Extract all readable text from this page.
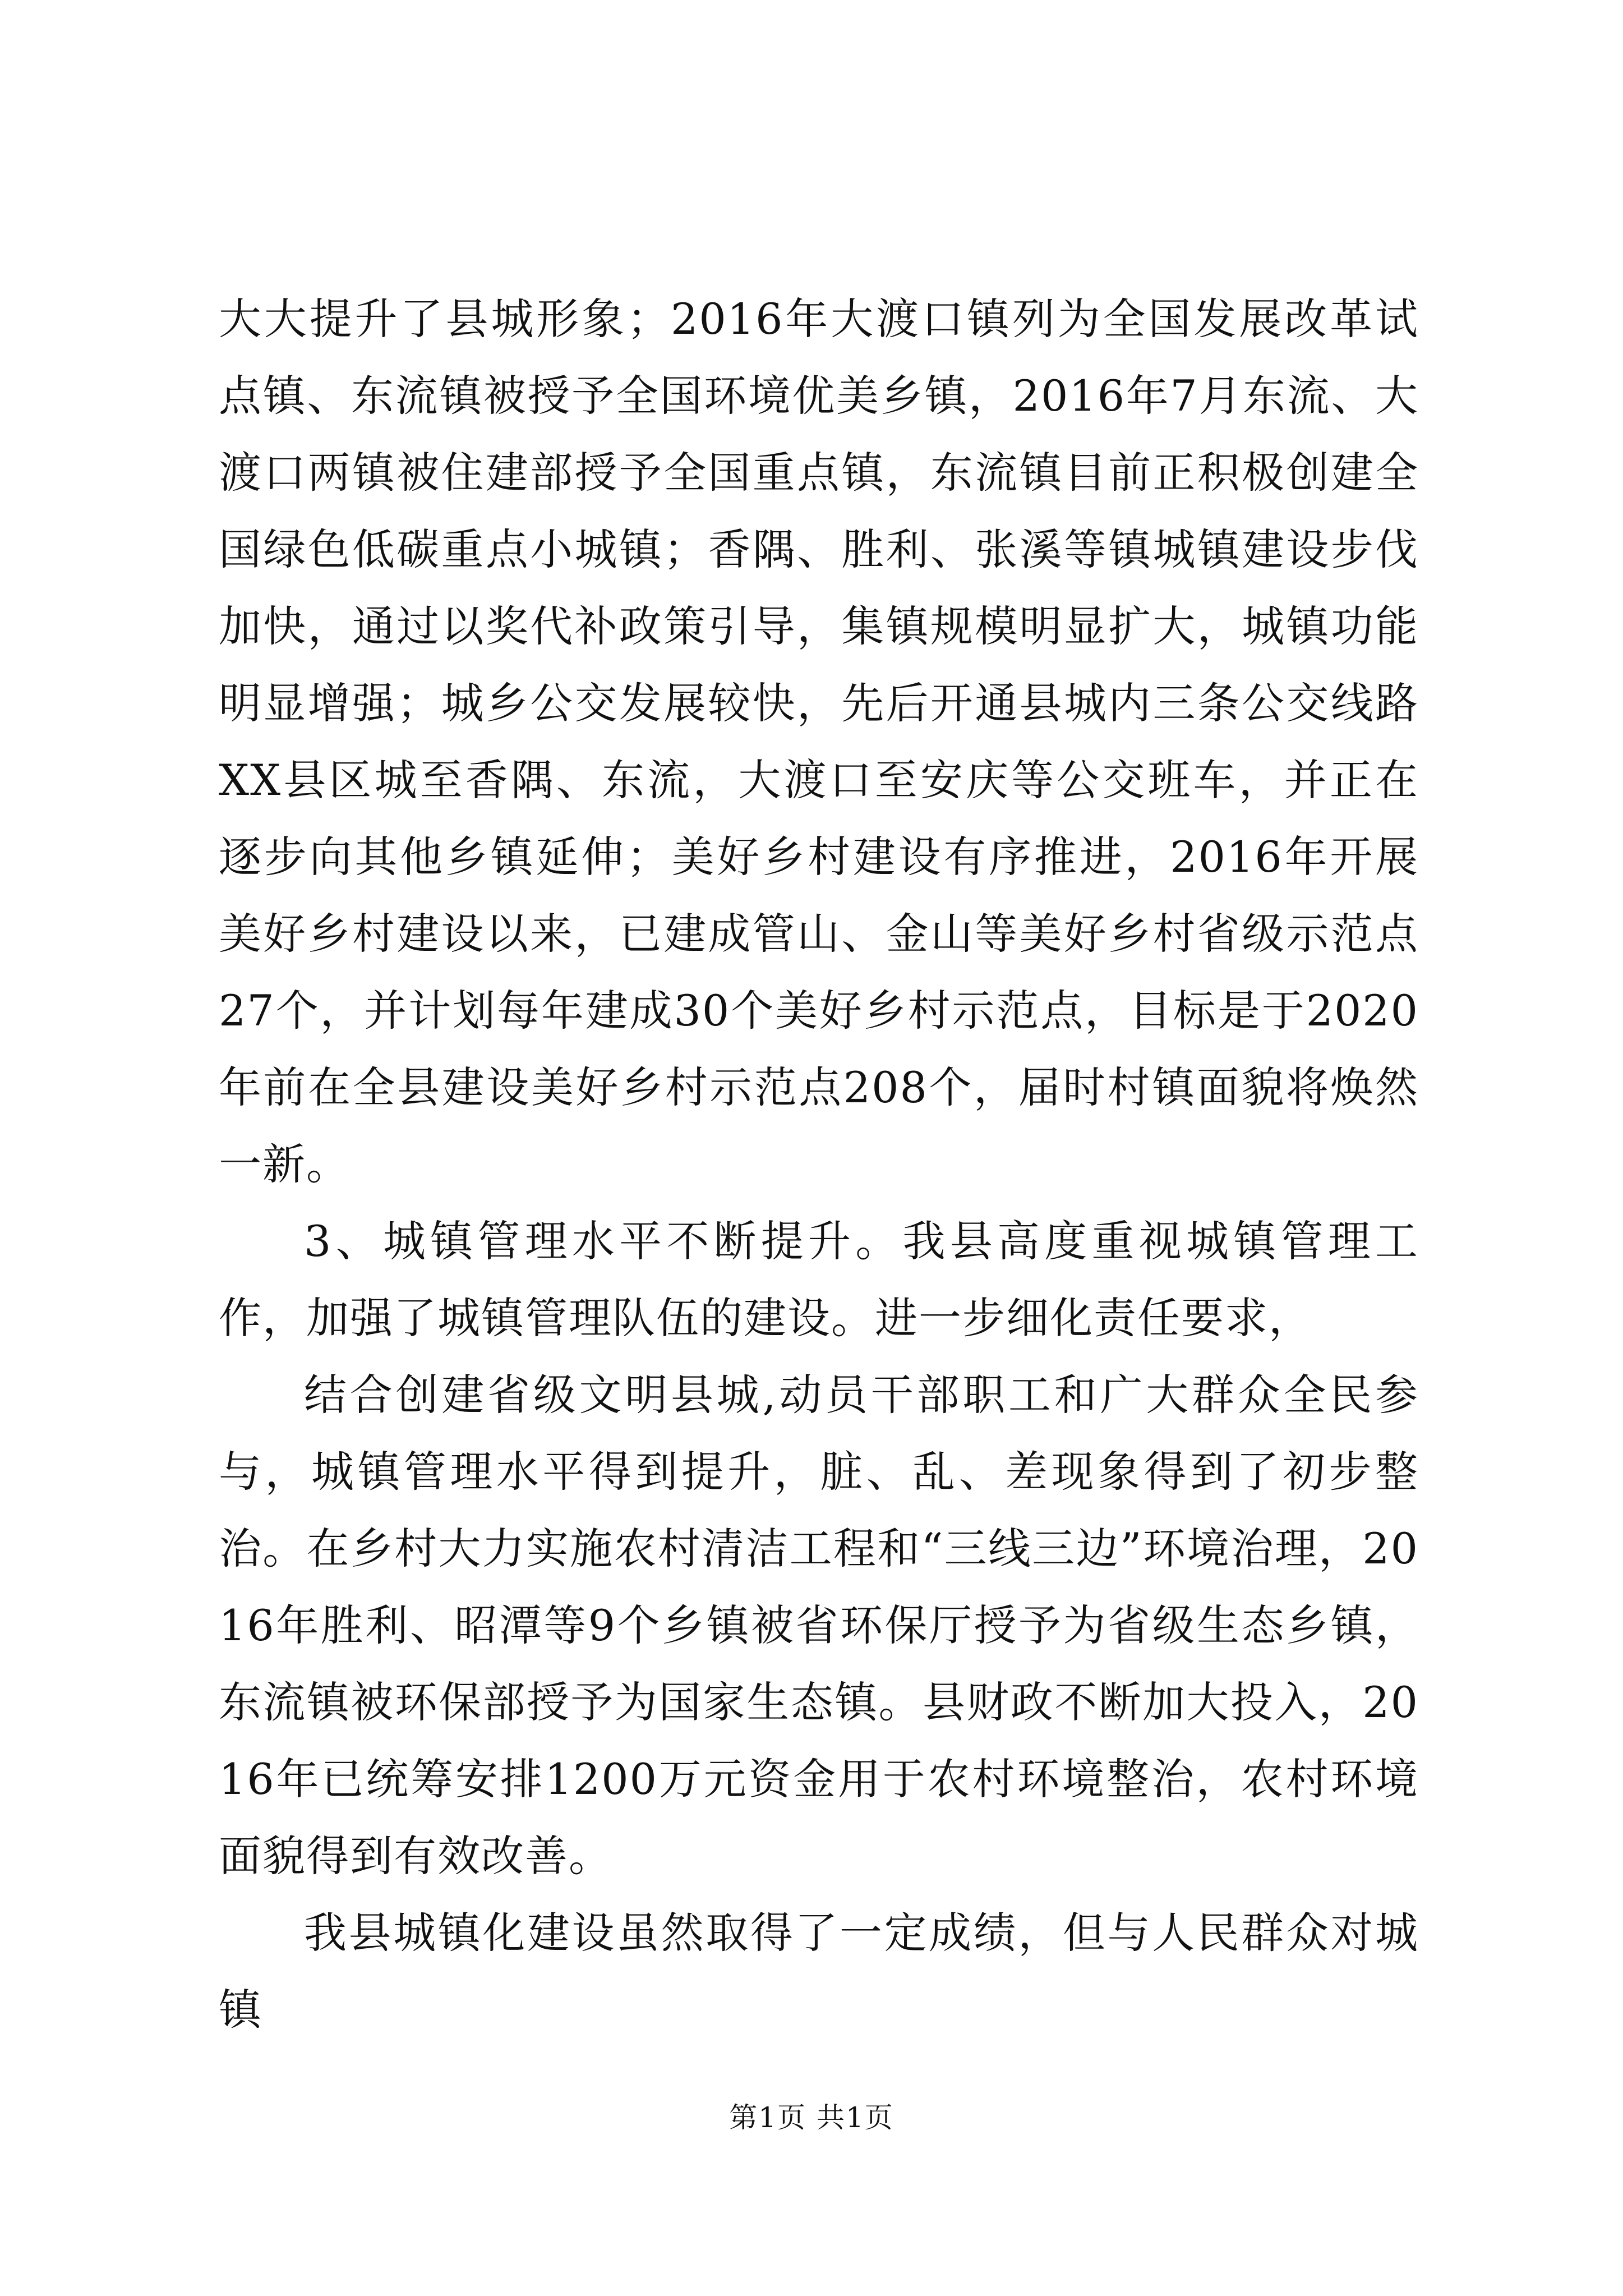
大大提升了县城形象；2016年大渡口镇列为全国发展改革试点镇、东流镇被授予全国环境优美乡镇，2016年7月东流、大渡口两镇被住建部授予全国重点镇，东流镇目前正积极创建全国绿色低碳重点小城镇；香隅、胜利、张溪等镇城镇建设步伐加快，通过以奖代补政策引导，集镇规模明显扩大，城镇功能明显增强；城乡公交发展较快，先后开通县城内三条公交线路XX县区城至香隅、东流，大渡口至安庆等公交班车，并正在逐步向其他乡镇延伸；美好乡村建设有序推进，2016年开展美好乡村建设以来，已建成管山、金山等美好乡村省级示范点27个，并计划每年建成30个美好乡村示范点，目标是于2020年前在全县建设美好乡村示范点208个，届时村镇面貌将焕然一新。

3、城镇管理水平不断提升。我县高度重视城镇管理工作，加强了城镇管理队伍的建设。进一步细化责任要求，

结合创建省级文明县城,动员干部职工和广大群众全民参与，城镇管理水平得到提升，脏、乱、差现象得到了初步整治。在乡村大力实施农村清洁工程和“三线三边”环境治理，2016年胜利、昭潭等9个乡镇被省环保厅授予为省级生态乡镇，东流镇被环保部授予为国家生态镇。县财政不断加大投入，2016年已统筹安排1200万元资金用于农村环境整治，农村环境面貌得到有效改善。

我县城镇化建设虽然取得了一定成绩，但与人民群众对城镇

第1页 共1页
